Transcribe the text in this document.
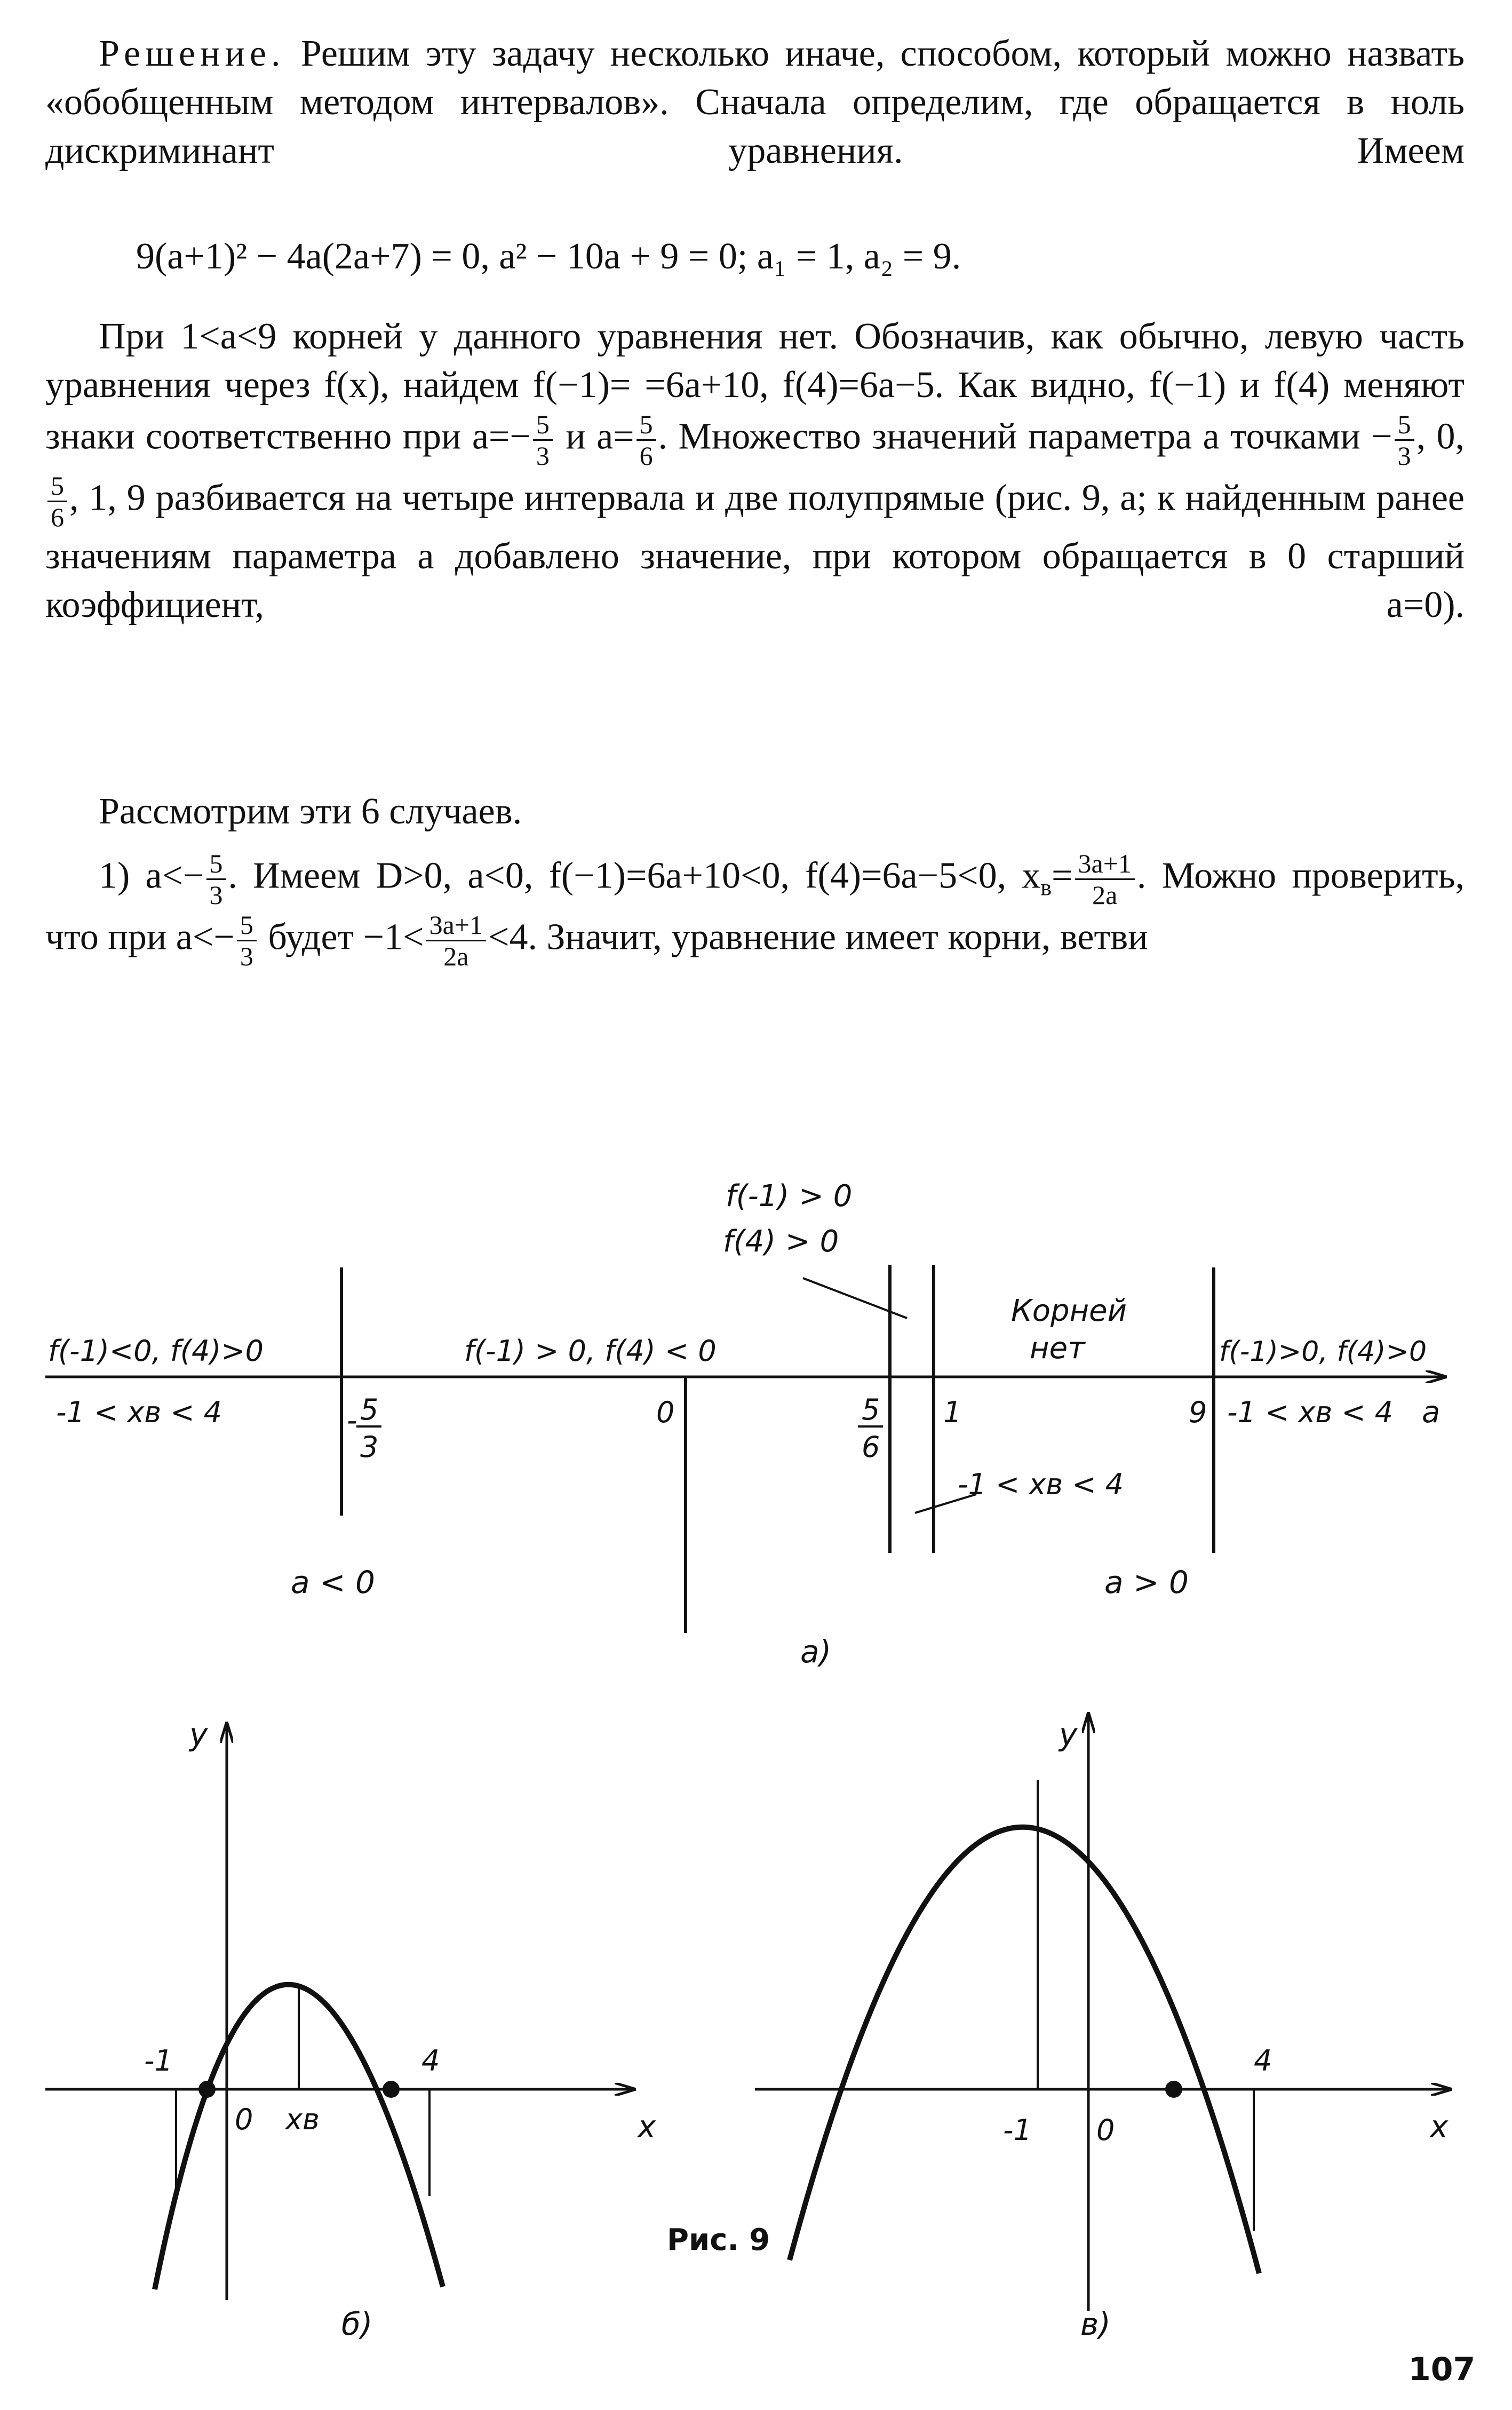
Решение. Решим эту задачу несколько иначе, способом, который можно назвать «обобщенным методом интервалов». Сначала определим, где обращается в ноль дискриминант уравнения. Имеем

9(a+1)² − 4a(2a+7) = 0, a² − 10a + 9 = 0; a₁ = 1, a₂ = 9.

При 1<a<9 корней у данного уравнения нет. Обозначив, как обычно, левую часть уравнения через f(x), найдем f(−1)= =6a+10, f(4)=6a−5. Как видно, f(−1) и f(4) меняют знаки соответственно при $a=- \frac{5}{3}$ и $a= \frac{5}{6}$ . Множество значений параметра a точками − $\frac{5}{3}$ , 0,
$\frac{5}{6}$ , 1, 9 разбивается на четыре интервала и две полупрямые (рис. 9, a; к найденным ранее значениям параметра a добавлено значение, при котором обращается в 0 старший коэффициент, a=0).

Рассмотрим эти 6 случаев.

1) $a<- \frac{5}{3}$ . Имеем D>0, a<0, f(−1)=6a+10<0, f(4)=6a−5<0, $x_в= \frac{3a+1}{2a}$ . Можно проверить, что при $a<- \frac{5}{3}$ будет $-1< \frac{3a+1}{2a} <4$. Значит, уравнение имеет корни, ветви

f(-1) > 0
f(4) > 0
Корней
нет
f(-1)<0, f(4)>0	f(-1) > 0, f(4) < 0	f(-1)>0, f(4)>0
-1 < xв < 4	-1 < xв < 4
-1 < xв < 4
- 5
3
0	5
6
1	9	a
a < 0	a > 0
a)
y
x
-1	4
0 xв
б)
y
x
-1
4
0
в)
Рис. 9
107
